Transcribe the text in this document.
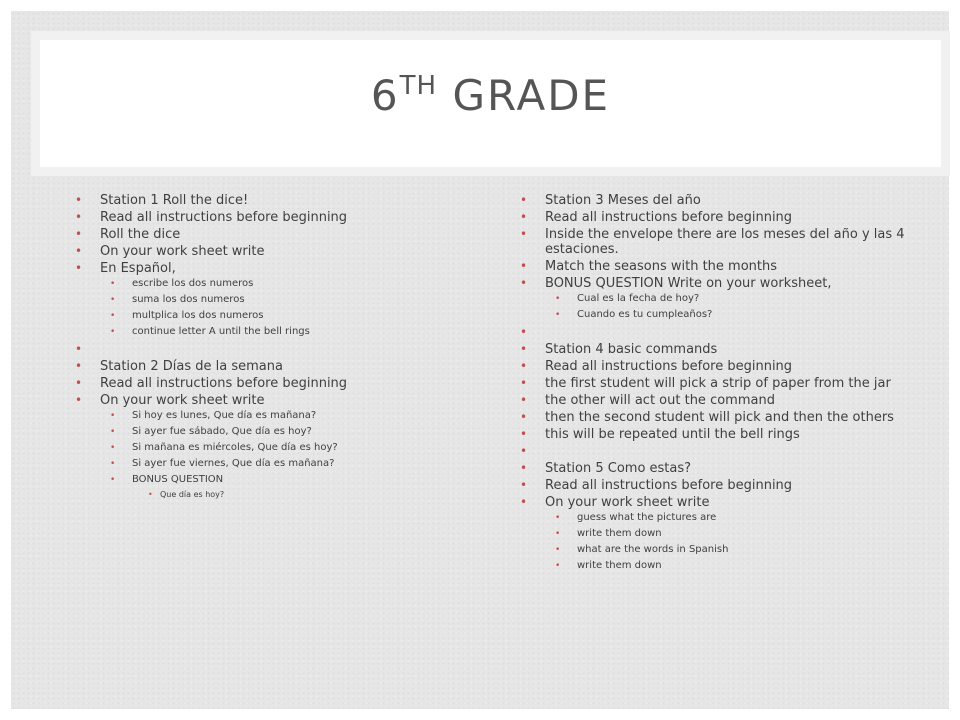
6TH GRADE
• Station 1 Roll the dice!
• Read all instructions before beginning
• Roll the dice
• On your work sheet write
• En Español,
• escribe los dos numeros
• suma los dos numeros
• multplica los dos numeros
• continue letter A until the bell rings
•
• Station 2 Días de la semana
• Read all instructions before beginning
• On your work sheet write
• Si hoy es lunes, Que día es mañana?
• Si ayer fue sábado, Que día es hoy?
• Si mañana es miércoles, Que día es hoy?
• Si ayer fue viernes, Que día es mañana?
• BONUS QUESTION
• Que día es hoy?
• Station 3 Meses del año
• Read all instructions before beginning
• Inside the envelope there are los meses del año y las 4 estaciones.
• Match the seasons with the months
• BONUS QUESTION Write on your worksheet,
• Cual es la fecha de hoy?
• Cuando es tu cumpleaños?
•
• Station 4 basic commands
• Read all instructions before beginning
• the first student will pick a strip of paper from the jar
• the other will act out the command
• then the second student will pick and then the others
• this will be repeated until the bell rings
•
• Station 5 Como estas?
• Read all instructions before beginning
• On your work sheet write
• guess what the pictures are
• write them down
• what are the words in Spanish
• write them down
